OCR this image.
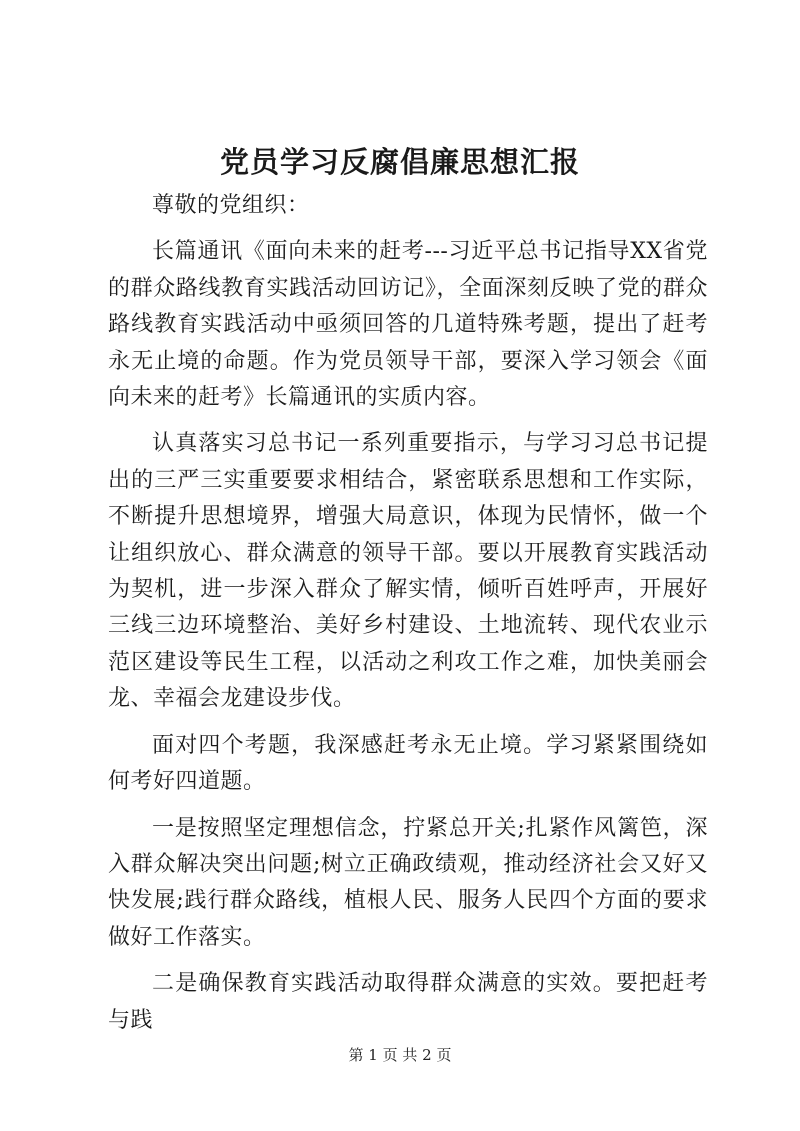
党员学习反腐倡廉思想汇报

尊敬的党组织：

长篇通讯《面向未来的赶考---习近平总书记指导XX省党的群众路线教育实践活动回访记》，全面深刻反映了党的群众路线教育实践活动中亟须回答的几道特殊考题，提出了赶考永无止境的命题。作为党员领导干部，要深入学习领会《面向未来的赶考》长篇通讯的实质内容。

认真落实习总书记一系列重要指示，与学习习总书记提出的三严三实重要要求相结合，紧密联系思想和工作实际，不断提升思想境界，增强大局意识，体现为民情怀，做一个让组织放心、群众满意的领导干部。要以开展教育实践活动为契机，进一步深入群众了解实情，倾听百姓呼声，开展好三线三边环境整治、美好乡村建设、土地流转、现代农业示范区建设等民生工程，以活动之利攻工作之难，加快美丽会龙、幸福会龙建设步伐。

面对四个考题，我深感赶考永无止境。学习紧紧围绕如何考好四道题。

一是按照坚定理想信念，拧紧总开关;扎紧作风篱笆，深入群众解决突出问题;树立正确政绩观，推动经济社会又好又快发展;践行群众路线，植根人民、服务人民四个方面的要求做好工作落实。

二是确保教育实践活动取得群众满意的实效。要把赶考与践

第 1 页 共 2 页
